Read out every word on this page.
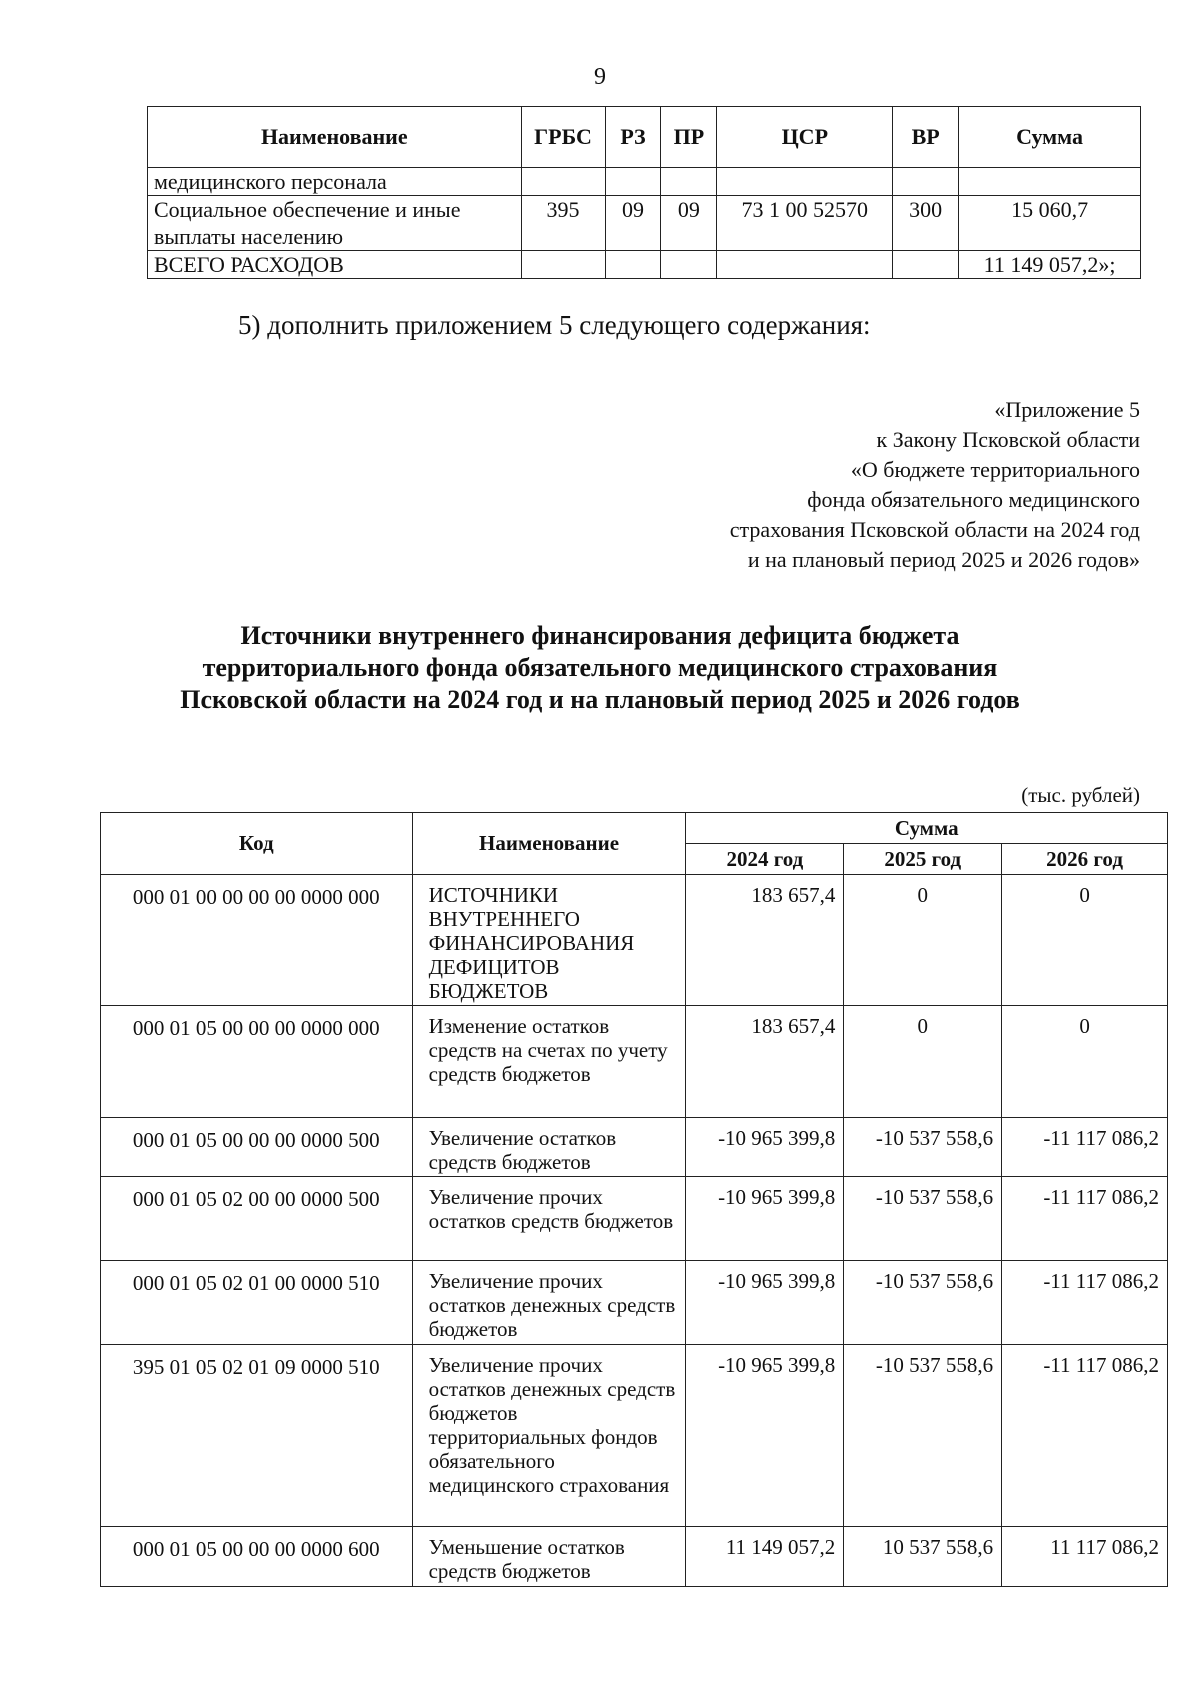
9
Наименование	ГРБС	РЗ	ПР	ЦСР	ВР	Сумма
медицинского персонала						
Социальное обеспечение и иные выплаты населению	395	09	09	73 1 00 52570	300	15 060,7
ВСЕГО РАСХОДОВ						11 149 057,2»;
5) дополнить приложением 5 следующего содержания:
«Приложение 5
к Закону Псковской области
«О бюджете территориального
фонда обязательного медицинского
страхования Псковской области на 2024 год
и на плановый период 2025 и 2026 годов»
Источники внутреннего финансирования дефицита бюджета
территориального фонда обязательного медицинского страхования
Псковской области на 2024 год и на плановый период 2025 и 2026 годов
(тыс. рублей)
Код	Наименование	Сумма		
		2024 год	2025 год	2026 год
000 01 00 00 00 00 0000 000	ИСТОЧНИКИ ВНУТРЕННЕГО ФИНАНСИРОВАНИЯ ДЕФИЦИТОВ БЮДЖЕТОВ	183 657,4	0	0
000 01 05 00 00 00 0000 000	Изменение остатков средств на счетах по учету средств бюджетов	183 657,4	0	0
000 01 05 00 00 00 0000 500	Увеличение остатков средств бюджетов	-10 965 399,8	-10 537 558,6	-11 117 086,2
000 01 05 02 00 00 0000 500	Увеличение прочих остатков средств бюджетов	-10 965 399,8	-10 537 558,6	-11 117 086,2
000 01 05 02 01 00 0000 510	Увеличение прочих остатков денежных средств бюджетов	-10 965 399,8	-10 537 558,6	-11 117 086,2
395 01 05 02 01 09 0000 510	Увеличение прочих остатков денежных средств бюджетов территориальных фондов обязательного медицинского страхования	-10 965 399,8	-10 537 558,6	-11 117 086,2
000 01 05 00 00 00 0000 600	Уменьшение остатков средств бюджетов	11 149 057,2	10 537 558,6	11 117 086,2
